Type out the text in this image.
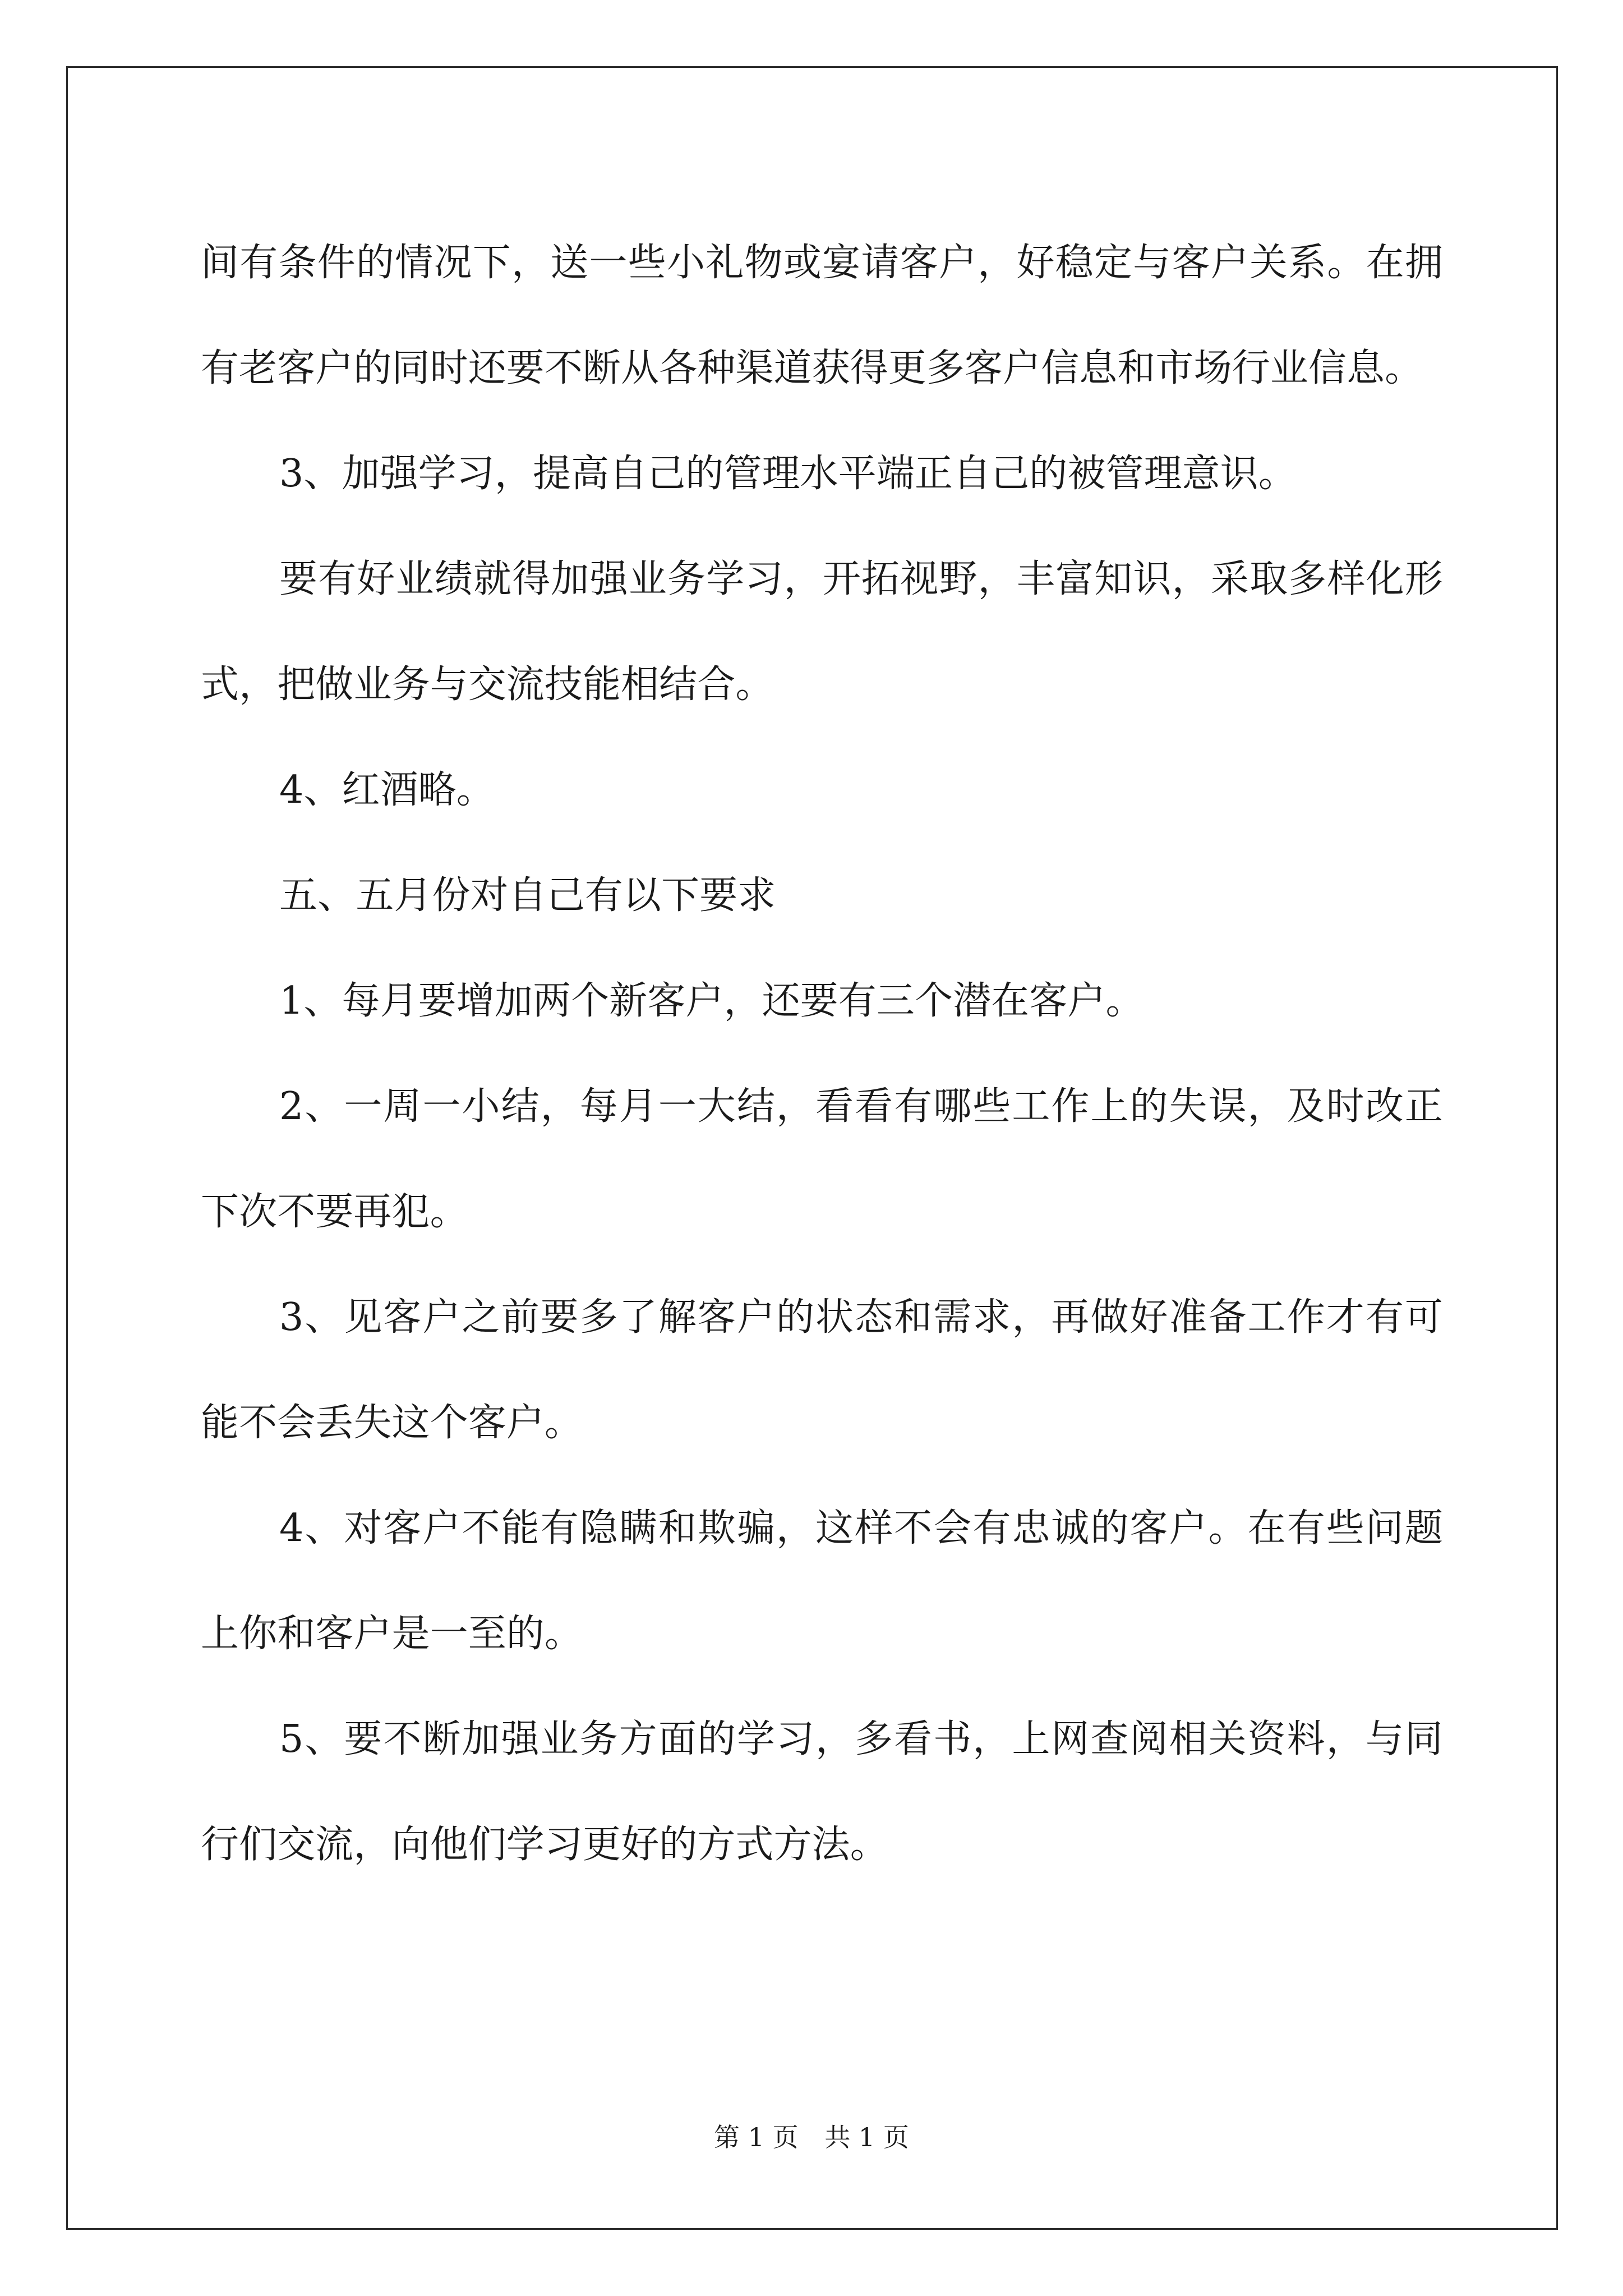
间有条件的情况下，送一些小礼物或宴请客户，好稳定与客户关系。在拥有老客户的同时还要不断从各种渠道获得更多客户信息和市场行业信息。

3、加强学习，提高自己的管理水平端正自己的被管理意识。

要有好业绩就得加强业务学习，开拓视野，丰富知识，采取多样化形式，把做业务与交流技能相结合。

4、红酒略。

五、五月份对自己有以下要求

1、每月要增加两个新客户，还要有三个潜在客户。

2、一周一小结，每月一大结，看看有哪些工作上的失误，及时改正下次不要再犯。

3、见客户之前要多了解客户的状态和需求，再做好准备工作才有可能不会丢失这个客户。

4、对客户不能有隐瞒和欺骗，这样不会有忠诚的客户。在有些问题上你和客户是一至的。

5、要不断加强业务方面的学习，多看书，上网查阅相关资料，与同行们交流，向他们学习更好的方式方法。

第 1 页 共 1 页
